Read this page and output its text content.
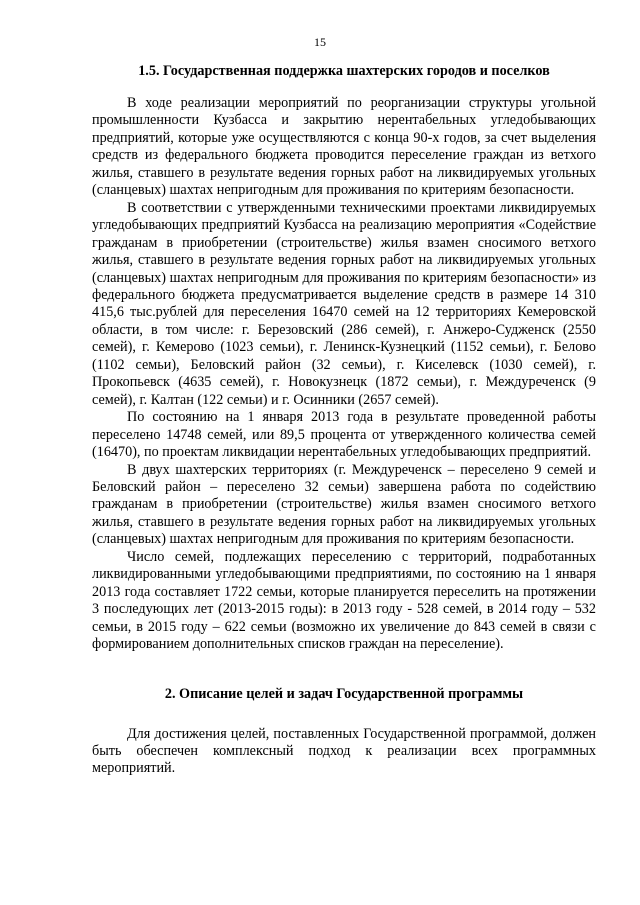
15
1.5. Государственная поддержка шахтерских городов и поселков

В ходе реализации мероприятий по реорганизации структуры угольной промышленности Кузбасса и закрытию нерентабельных угледобывающих предприятий, которые уже осуществляются с конца 90-х годов, за счет выделения средств из федерального бюджета проводится переселение граждан из ветхого жилья, ставшего в результате ведения горных работ на ликвидируемых угольных (сланцевых) шахтах непригодным для проживания по критериям безопасности.

В соответствии с утвержденными техническими проектами ликвидируемых угледобывающих предприятий Кузбасса на реализацию мероприятия «Содействие гражданам в приобретении (строительстве) жилья взамен сносимого ветхого жилья, ставшего в результате ведения горных работ на ликвидируемых угольных (сланцевых) шахтах непригодным для проживания по критериям безопасности» из федерального бюджета предусматривается выделение средств в размере 14 310 415,6 тыс.рублей для переселения 16470 семей на 12 территориях Кемеровской области, в том числе: г. Березовский (286 семей), г. Анжеро-Судженск (2550 семей), г. Кемерово (1023 семьи), г. Ленинск-Кузнецкий (1152 семьи), г. Белово (1102 семьи), Беловский район (32 семьи), г. Киселевск (1030 семей), г. Прокопьевск (4635 семей), г. Новокузнецк (1872 семьи), г. Междуреченск (9 семей), г. Калтан (122 семьи) и г. Осинники (2657 семей).

По состоянию на 1 января 2013 года в результате проведенной работы переселено 14748 семей, или 89,5 процента от утвержденного количества семей (16470), по проектам ликвидации нерентабельных угледобывающих предприятий.

В двух шахтерских территориях (г. Междуреченск – переселено 9 семей и Беловский район – переселено 32 семьи) завершена работа по содействию гражданам в приобретении (строительстве) жилья взамен сносимого ветхого жилья, ставшего в результате ведения горных работ на ликвидируемых угольных (сланцевых) шахтах непригодным для проживания по критериям безопасности.

Число семей, подлежащих переселению с территорий, подработанных ликвидированными угледобывающими предприятиями, по состоянию на 1 января 2013 года составляет 1722 семьи, которые планируется переселить на протяжении 3 последующих лет (2013-2015 годы): в 2013 году - 528 семей, в 2014 году – 532 семьи, в 2015 году – 622 семьи (возможно их увеличение до 843 семей в связи с формированием дополнительных списков граждан на переселение).

2. Описание целей и задач Государственной программы

Для достижения целей, поставленных Государственной программой, должен быть обеспечен комплексный подход к реализации всех программных мероприятий.
